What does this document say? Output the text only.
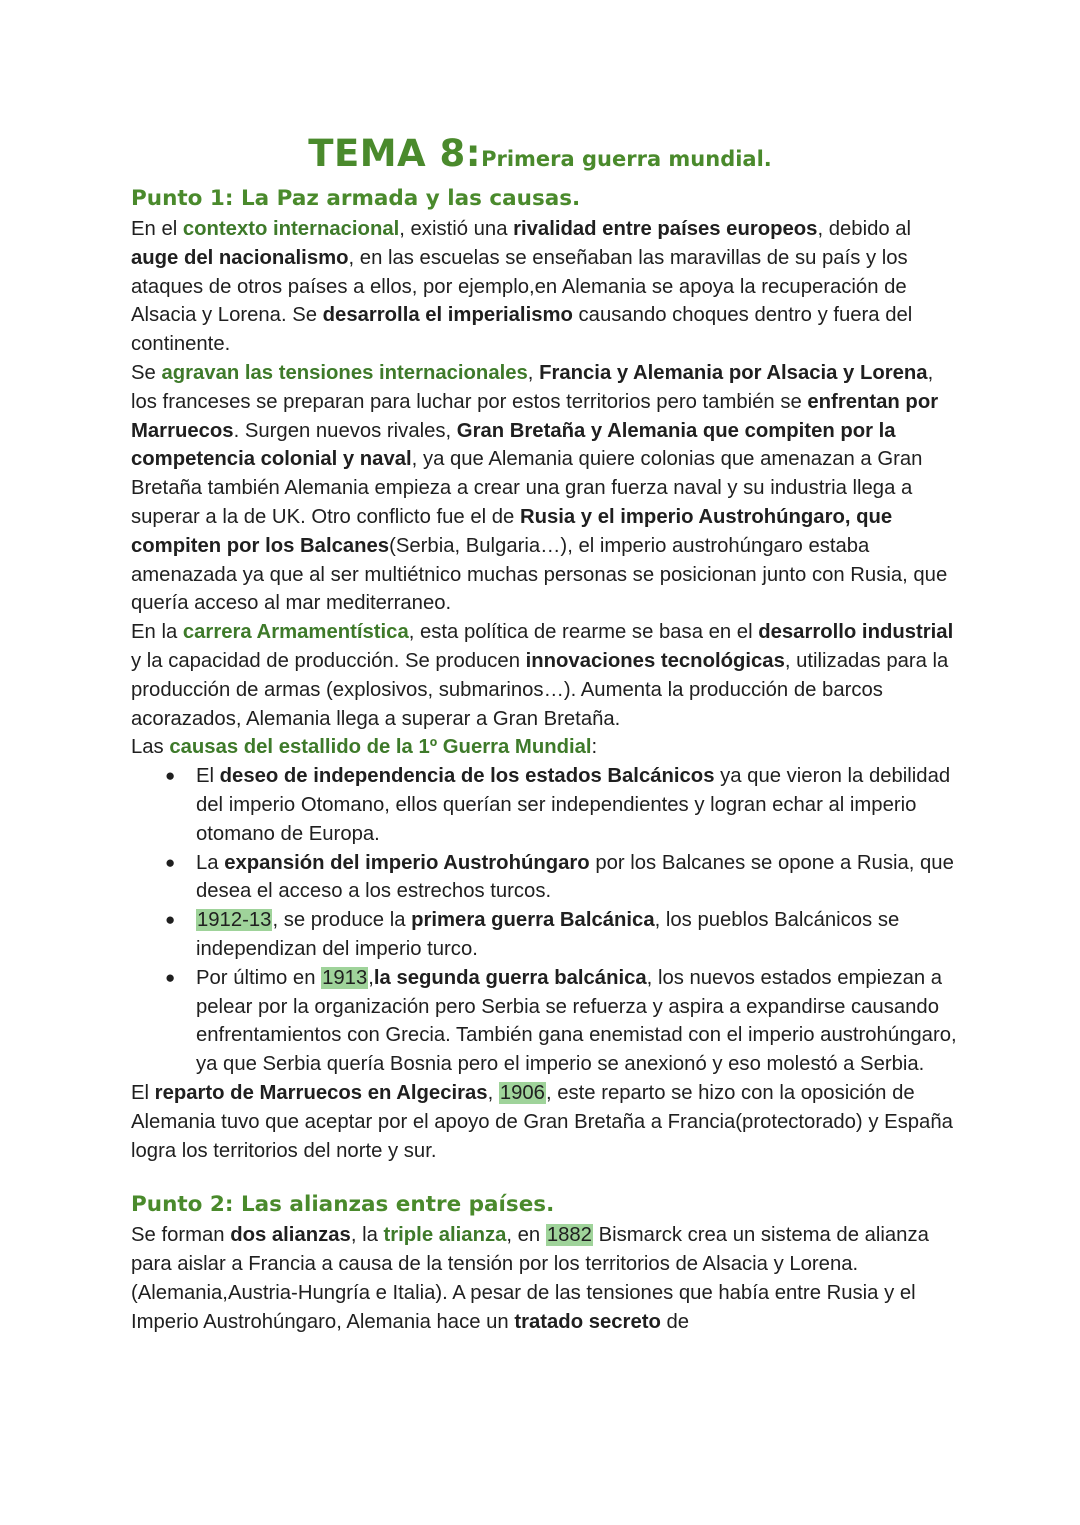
TEMA 8:Primera guerra mundial.
Punto 1: La Paz armada y las causas.

En el contexto internacional, existió una rivalidad entre países europeos, debido al auge del nacionalismo, en las escuelas se enseñaban las maravillas de su país y los ataques de otros países a ellos, por ejemplo,en Alemania se apoya la recuperación de Alsacia y Lorena. Se desarrolla el imperialismo causando choques dentro y fuera del continente.

Se agravan las tensiones internacionales, Francia y Alemania por Alsacia y Lorena, los franceses se preparan para luchar por estos territorios pero también se enfrentan por Marruecos. Surgen nuevos rivales, Gran Bretaña y Alemania que compiten por la competencia colonial y naval, ya que Alemania quiere colonias que amenazan a Gran Bretaña también Alemania empieza a crear una gran fuerza naval y su industria llega a superar a la de UK. Otro conflicto fue el de Rusia y el imperio Austrohúngaro, que compiten por los Balcanes(Serbia, Bulgaria…), el imperio austrohúngaro estaba amenazada ya que al ser multiétnico muchas personas se posicionan junto con Rusia, que quería acceso al mar mediterraneo.

En la carrera Armamentística, esta política de rearme se basa en el desarrollo industrial y la capacidad de producción. Se producen innovaciones tecnológicas, utilizadas para la producción de armas (explosivos, submarinos…). Aumenta la producción de barcos acorazados, Alemania llega a superar a Gran Bretaña.

Las causas del estallido de la 1º Guerra Mundial:

● El deseo de independencia de los estados Balcánicos ya que vieron la debilidad del imperio Otomano, ellos querían ser independientes y logran echar al imperio otomano de Europa.
● La expansión del imperio Austrohúngaro por los Balcanes se opone a Rusia, que desea el acceso a los estrechos turcos.
● 1912-13, se produce la primera guerra Balcánica, los pueblos Balcánicos se independizan del imperio turco.
● Por último en 1913,la segunda guerra balcánica, los nuevos estados empiezan a pelear por la organización pero Serbia se refuerza y aspira a expandirse causando enfrentamientos con Grecia. También gana enemistad con el imperio austrohúngaro, ya que Serbia quería Bosnia pero el imperio se anexionó y eso molestó a Serbia.

El reparto de Marruecos en Algeciras, 1906, este reparto se hizo con la oposición de Alemania tuvo que aceptar por el apoyo de Gran Bretaña a Francia(protectorado) y España logra los territorios del norte y sur.

Punto 2: Las alianzas entre países.

Se forman dos alianzas, la triple alianza, en 1882 Bismarck crea un sistema de alianza para aislar a Francia a causa de la tensión por los territorios de Alsacia y Lorena. (Alemania,Austria-Hungría e Italia). A pesar de las tensiones que había entre Rusia y el Imperio Austrohúngaro, Alemania hace un tratado secreto de
